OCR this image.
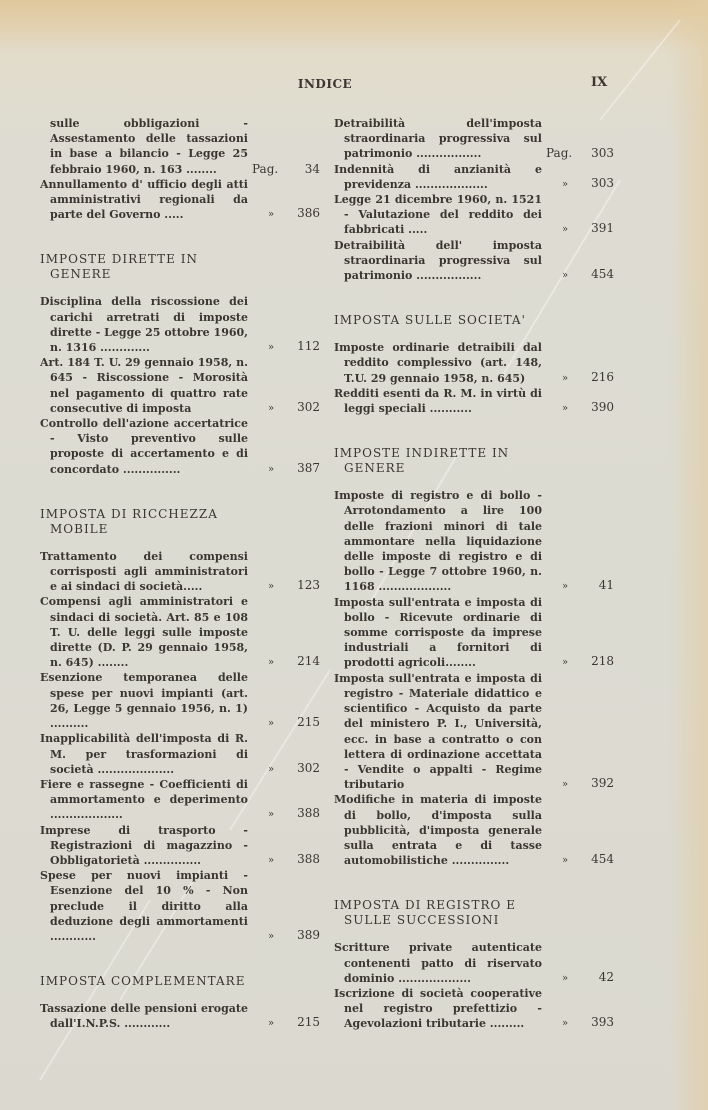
INDICE	IX
sulle obbligazioni - Assestamento delle tassazioni in base a bilancio - Legge 25 febbraio 1960, n. 163 ........	Pag.	34
Annullamento d' ufficio degli atti amministrativi regionali da parte del Governo .....	»	386
IMPOSTE DIRETTE IN GENERE
Disciplina della riscossione dei carichi arretrati di imposte dirette - Legge 25 ottobre 1960, n. 1316 .............	»	112
Art. 184 T. U. 29 gennaio 1958, n. 645 - Riscossione - Morosità nel pagamento di quattro rate consecutive di imposta	»	302
Controllo dell'azione accertatrice - Visto preventivo sulle proposte di accertamento e di concordato ...............	»	387
IMPOSTA DI RICCHEZZA MOBILE
Trattamento dei compensi corrisposti agli amministratori e ai sindaci di società.....	»	123
Compensi agli amministratori e sindaci di società. Art. 85 e 108 T. U. delle leggi sulle imposte dirette (D. P. 29 gennaio 1958, n. 645) ........	»	214
Esenzione temporanea delle spese per nuovi impianti (art. 26, Legge 5 gennaio 1956, n. 1) ..........	»	215
Inapplicabilità dell'imposta di R. M. per trasformazioni di società ....................	»	302
Fiere e rassegne - Coefficienti di ammortamento e deperimento ...................	»	388
Imprese di trasporto - Registrazioni di magazzino - Obbligatorietà ...............	»	388
Spese per nuovi impianti - Esenzione del 10 % - Non preclude il diritto alla deduzione degli ammortamenti ............	»	389
IMPOSTA COMPLEMENTARE
Tassazione delle pensioni erogate dall'I.N.P.S. ............	»	215
Detraibilità dell'imposta straordinaria progressiva sul patrimonio .................	Pag.	303
Indennità di anzianità e previdenza ...................	»	303
Legge 21 dicembre 1960, n. 1521 - Valutazione del reddito dei fabbricati .....	»	391
Detraibilità dell' imposta straordinaria progressiva sul patrimonio .................	»	454
IMPOSTA SULLE SOCIETA'
Imposte ordinarie detraibili dal reddito complessivo (art. 148, T.U. 29 gennaio 1958, n. 645)	»	216
Redditi esenti da R. M. in virtù di leggi speciali ...........	»	390
IMPOSTE INDIRETTE IN GENERE
Imposte di registro e di bollo - Arrotondamento a lire 100 delle frazioni minori di tale ammontare nella liquidazione delle imposte di registro e di bollo - Legge 7 ottobre 1960, n. 1168 ...................	»	41
Imposta sull'entrata e imposta di bollo - Ricevute ordinarie di somme corrisposte da imprese industriali a fornitori di prodotti agricoli........	»	218
Imposta sull'entrata e imposta di registro - Materiale didattico e scientifico - Acquisto da parte del ministero P. I., Università, ecc. in base a contratto o con lettera di ordinazione accettata - Vendite o appalti - Regime tributario	»	392
Modifiche in materia di imposte di bollo, d'imposta sulla pubblicità, d'imposta generale sulla entrata e di tasse automobilistiche ...............	»	454
IMPOSTA DI REGISTRO E SULLE SUCCESSIONI
Scritture private autenticate contenenti patto di riservato dominio ...................	»	42
Iscrizione di società cooperative nel registro prefettizio - Agevolazioni tributarie .........	»	393
